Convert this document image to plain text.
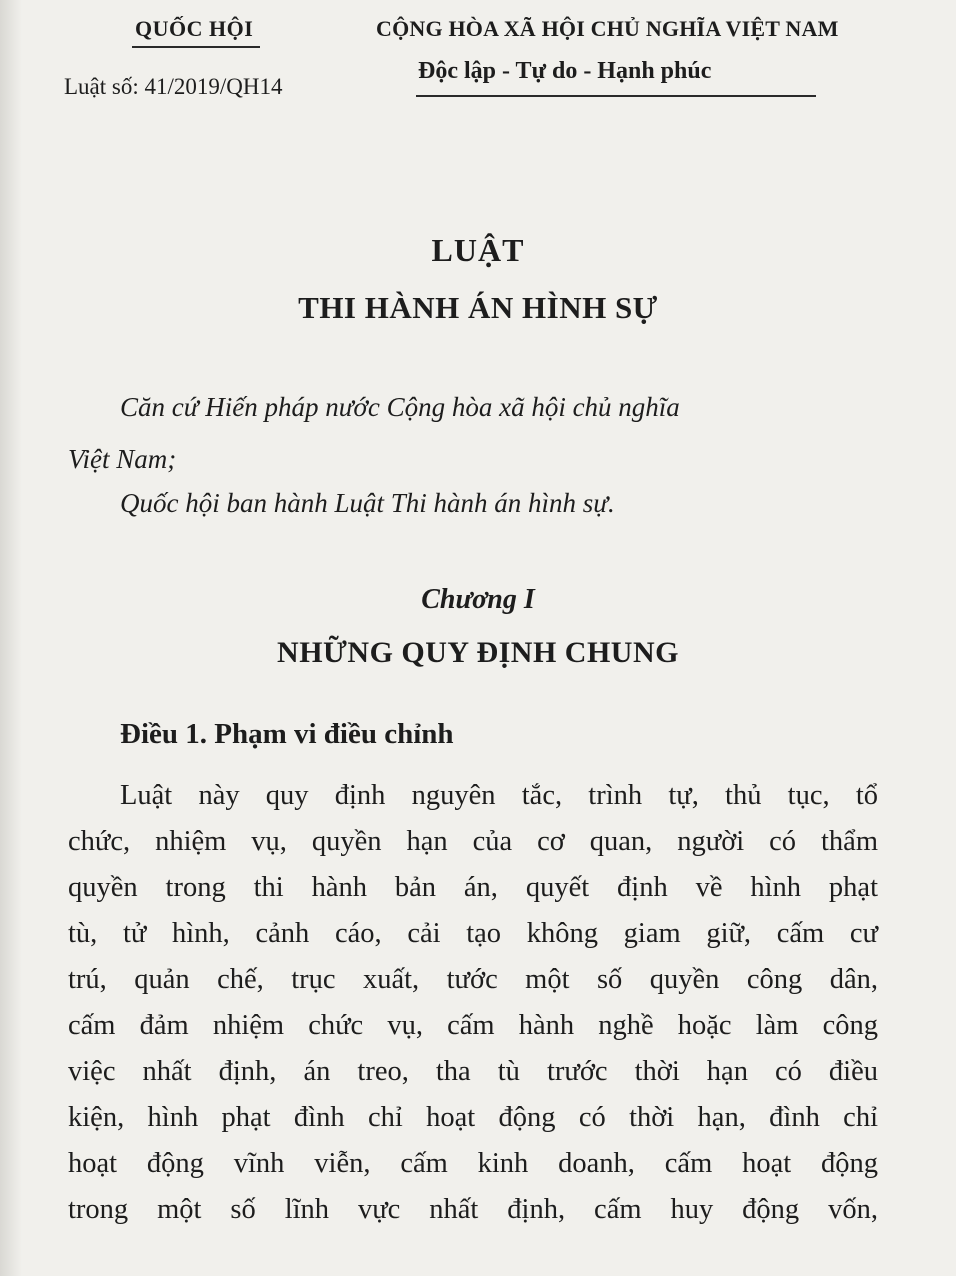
QUỐC HỘI
Luật số: 41/2019/QH14
CỘNG HÒA XÃ HỘI CHỦ NGHĨA VIỆT NAM
Độc lập - Tự do - Hạnh phúc
LUẬT
THI HÀNH ÁN HÌNH SỰ
Căn cứ Hiến pháp nước Cộng hòa xã hội chủ nghĩa
Việt Nam;
Quốc hội ban hành Luật Thi hành án hình sự.
Chương I
NHỮNG QUY ĐỊNH CHUNG
Điều 1. Phạm vi điều chỉnh
Luật này quy định nguyên tắc, trình tự, thủ tục, tổ
chức, nhiệm vụ, quyền hạn của cơ quan, người có thẩm
quyền trong thi hành bản án, quyết định về hình phạt
tù, tử hình, cảnh cáo, cải tạo không giam giữ, cấm cư
trú, quản chế, trục xuất, tước một số quyền công dân,
cấm đảm nhiệm chức vụ, cấm hành nghề hoặc làm công
việc nhất định, án treo, tha tù trước thời hạn có điều
kiện, hình phạt đình chỉ hoạt động có thời hạn, đình chỉ
hoạt động vĩnh viễn, cấm kinh doanh, cấm hoạt động
trong một số lĩnh vực nhất định, cấm huy động vốn,
